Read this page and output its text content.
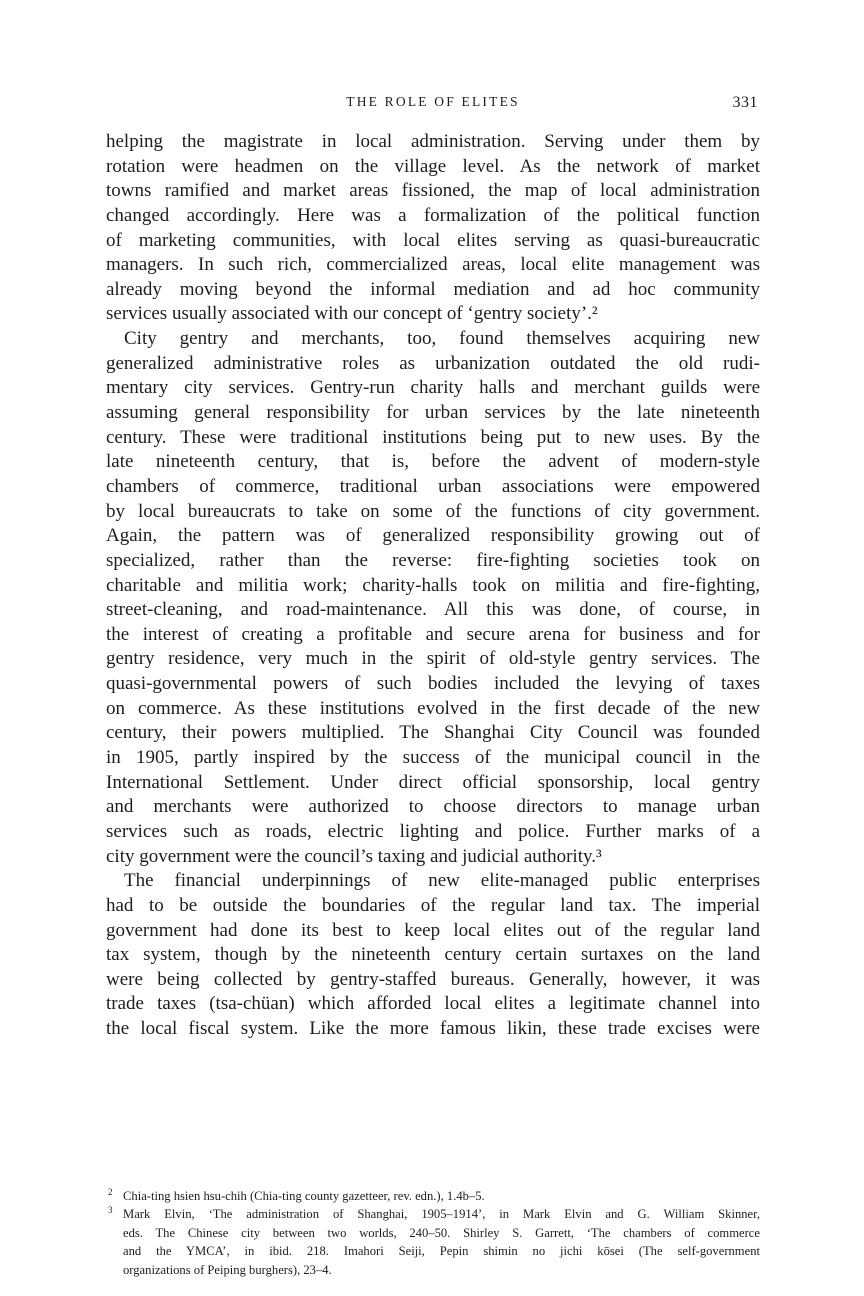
THE ROLE OF ELITES	331
helping the magistrate in local administration. Serving under them by
rotation were headmen on the village level. As the network of market
towns ramified and market areas fissioned, the map of local administration
changed accordingly. Here was a formalization of the political function
of marketing communities, with local elites serving as quasi-bureaucratic
managers. In such rich, commercialized areas, local elite management was
already moving beyond the informal mediation and ad hoc community
services usually associated with our concept of ‘gentry society’.²
City gentry and merchants, too, found themselves acquiring new
generalized administrative roles as urbanization outdated the old rudi-
mentary city services. Gentry-run charity halls and merchant guilds were
assuming general responsibility for urban services by the late nineteenth
century. These were traditional institutions being put to new uses. By the
late nineteenth century, that is, before the advent of modern-style
chambers of commerce, traditional urban associations were empowered
by local bureaucrats to take on some of the functions of city government.
Again, the pattern was of generalized responsibility growing out of
specialized, rather than the reverse: fire-fighting societies took on
charitable and militia work; charity-halls took on militia and fire-fighting,
street-cleaning, and road-maintenance. All this was done, of course, in
the interest of creating a profitable and secure arena for business and for
gentry residence, very much in the spirit of old-style gentry services. The
quasi-governmental powers of such bodies included the levying of taxes
on commerce. As these institutions evolved in the first decade of the new
century, their powers multiplied. The Shanghai City Council was founded
in 1905, partly inspired by the success of the municipal council in the
International Settlement. Under direct official sponsorship, local gentry
and merchants were authorized to choose directors to manage urban
services such as roads, electric lighting and police. Further marks of a
city government were the council’s taxing and judicial authority.³
The financial underpinnings of new elite-managed public enterprises
had to be outside the boundaries of the regular land tax. The imperial
government had done its best to keep local elites out of the regular land
tax system, though by the nineteenth century certain surtaxes on the land
were being collected by gentry-staffed bureaus. Generally, however, it was
trade taxes (tsa-chüan) which afforded local elites a legitimate channel into
the local fiscal system. Like the more famous likin, these trade excises were
2 Chia-ting hsien hsu-chih (Chia-ting county gazetteer, rev. edn.), 1.4b–5.
3 Mark Elvin, ‘The administration of Shanghai, 1905–1914’, in Mark Elvin and G. William Skinner,
eds. The Chinese city between two worlds, 240–50. Shirley S. Garrett, ‘The chambers of commerce
and the YMCA’, in ibid. 218. Imahori Seiji, Pepin shimin no jichi kōsei (The self-government
organizations of Peiping burghers), 23–4.
